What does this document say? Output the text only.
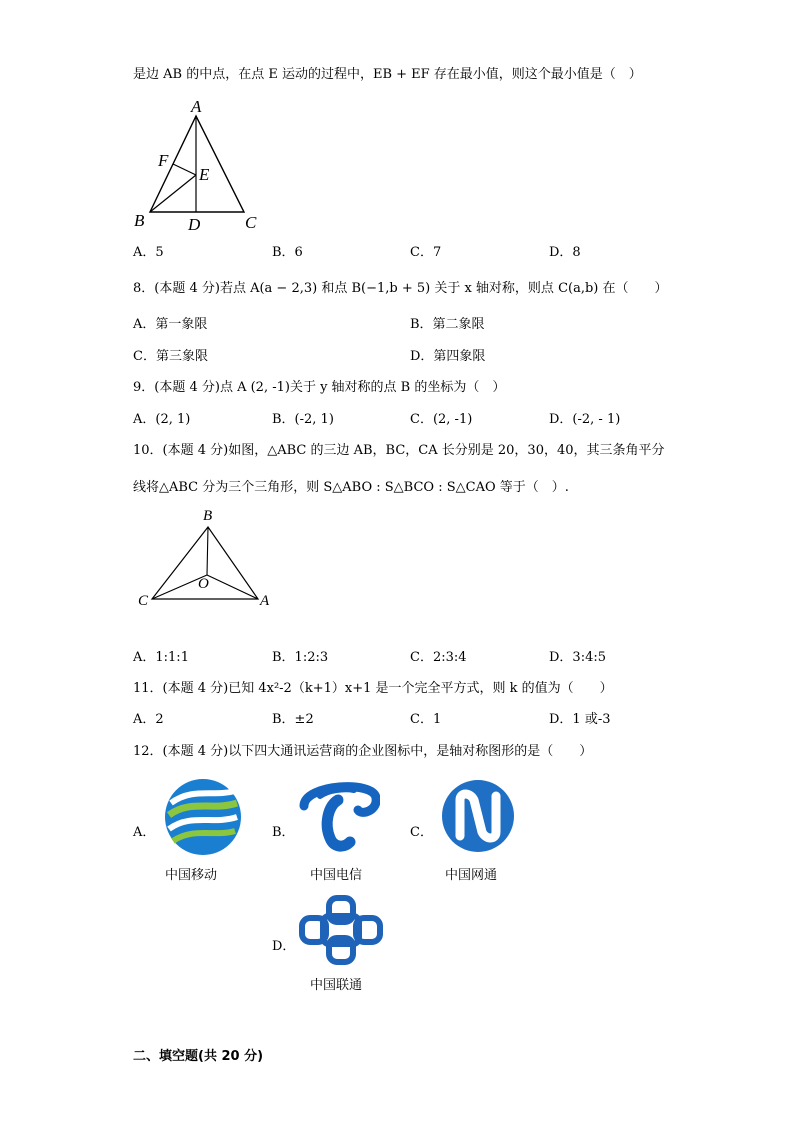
是边 AB 的中点，在点 E 运动的过程中，EB + EF 存在最小值，则这个最小值是（　）
A
F
E
B	D	C
A．5	B．6	C．7	D．8
8．(本题 4 分)若点 A(a − 2,3) 和点 B(−1,b + 5) 关于 x 轴对称，则点 C(a,b) 在（　　）
A．第一象限	B．第二象限
C．第三象限	D．第四象限
9．(本题 4 分)点 A (2, -1)关于 y 轴对称的点 B 的坐标为（　）
A．(2, 1)	B．(-2, 1)	C．(2, -1)	D．(-2, - 1)
10．(本题 4 分)如图，△ABC 的三边 AB，BC，CA 长分别是 20，30，40，其三条角平分
线将△ABC 分为三个三角形，则 S△ABO : S△BCO : S△CAO 等于（　）.
B
C	A
O
A．1:1:1	B．1:2:3	C．2:3:4	D．3:4:5
11．(本题 4 分)已知 4x²-2（k+1）x+1 是一个完全平方式，则 k 的值为（　　）
A．2	B．±2	C．1	D．1 或-3
12．(本题 4 分)以下四大通讯运营商的企业图标中，是轴对称图形的是（　　）
A．
中国移动
B．
中国电信
C．
中国网通
D．
中国联通
二、填空题(共 20 分)
